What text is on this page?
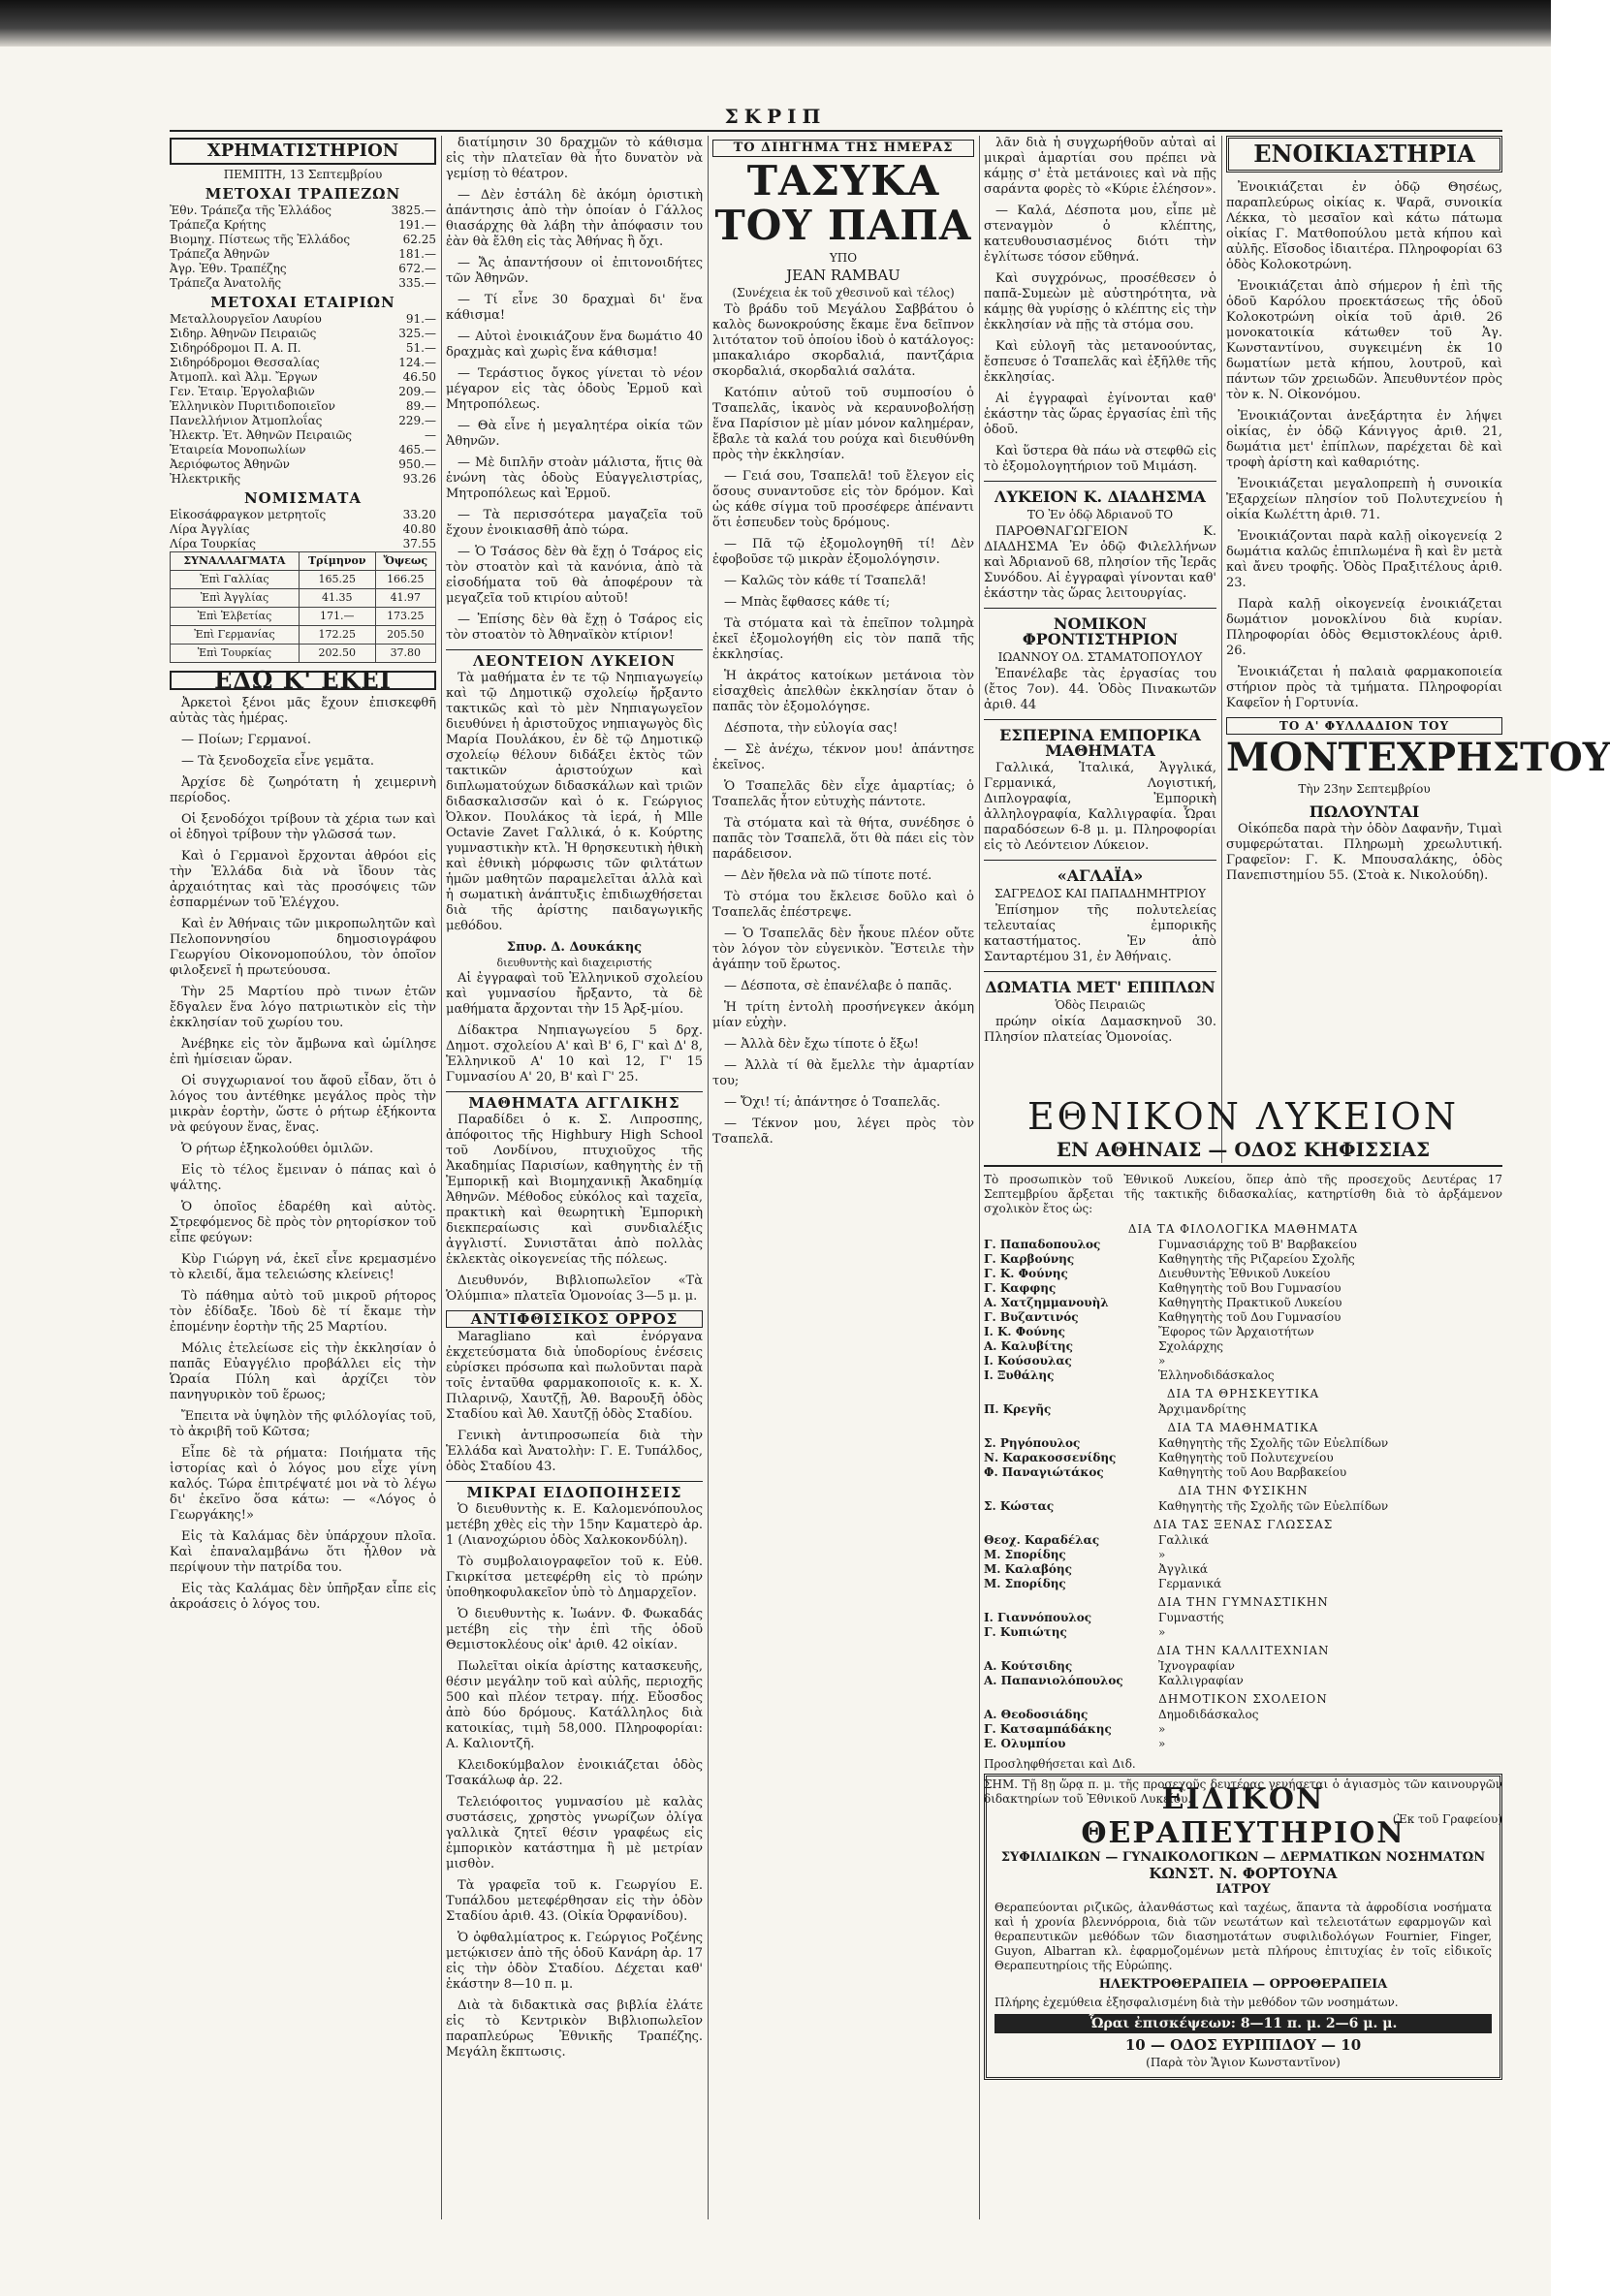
ΣΚΡΙΠ
ΧΡΗΜΑΤΙΣΤΗΡΙΟΝ
ΠΕΜΠΤΗ, 13 Σεπτεμβρίου
ΜΕΤΟΧΑΙ ΤΡΑΠΕΖΩΝ
Ἐθν. Τράπεζα τῆς Ἑλλάδος	3825.—
Τράπεζα Κρήτης	191.—
Βιομηχ. Πίστεως τῆς Ἑλλάδος	62.25
Τράπεζα Ἀθηνῶν	181.—
Ἀγρ. Ἐθν. Τραπέζης	672.—
Τράπεζα Ἀνατολῆς	335.—
ΜΕΤΟΧΑΙ ΕΤΑΙΡΙΩΝ
Μεταλλουργεῖον Λαυρίου	91.—
Σιδηρ. Ἀθηνῶν Πειραιῶς	325.—
Σιδηρόδρομοι Π. Α. Π.	51.—
Σιδηρόδρομοι Θεσσαλίας	124.—
Ἀτμοπλ. καὶ Ἀλμ. Ἔργων	46.50
Γεν. Ἑταιρ. Ἐργολαβιῶν	209.—
Ἑλληνικὸν Πυριτιδοποιεῖον	89.—
Πανελλήνιον Ἀτμοπλοΐας	229.—
Ἠλεκτρ. Ἑτ. Ἀθηνῶν Πειραιῶς	—
Ἑταιρεία Μονοπωλίων	465.—
Ἀεριόφωτος Ἀθηνῶν	950.—
Ἠλεκτρικῆς	93.26
ΝΟΜΙΣΜΑΤΑ
Εἰκοσάφραγκον μετρητοῖς	33.20
Λίρα Ἀγγλίας	40.80
Λίρα Τουρκίας	37.55
ΣΥΝΑΛΛΑΓΜΑΤΑ	Τρίμηνον	Ὄψεως
Ἐπὶ Γαλλίας	165.25	166.25
Ἐπὶ Ἀγγλίας	41.35	41.97
Ἐπὶ Ἑλβετίας	171.—	173.25
Ἐπὶ Γερμανίας	172.25	205.50
Ἐπὶ Τουρκίας	202.50	37.80
ΕΔΩ Κ' ΕΚΕΙ

Ἀρκετοὶ ξένοι μᾶς ἔχουν ἐπισκεφθῆ αὐτὰς τὰς ἡμέρας.

— Ποίων; Γερμανοί.

— Τὰ ξενοδοχεῖα εἶνε γεμᾶτα.

Ἀρχίσε δὲ ζωηρότατη ἡ χειμερινὴ περίοδος.

Οἱ ξενοδόχοι τρίβουν τὰ χέρια των καὶ οἱ ἐδηγοὶ τρίβουν τὴν γλῶσσά των.

Καὶ ὁ Γερμανοὶ ἔρχονται ἀθρόοι εἰς τὴν Ἑλλάδα διὰ νὰ ἴδουν τὰς ἀρχαιότητας καὶ τὰς προσόψεις τῶν ἐσπαρμένων τοῦ Ἐλέγχου.

Καὶ ἐν Ἀθήναις τῶν μικροπωλητῶν καὶ Πελοποννησίου δημοσιογράφου Γεωργίου Οἰκονομοπούλου, τὸν ὁποῖον φιλοξενεῖ ἡ πρωτεύουσα.

Τὴν 25 Μαρτίου πρὸ τινων ἐτῶν ἔδγαλεν ἕνα λόγο πατριωτικὸν εἰς τὴν ἐκκλησίαν τοῦ χωρίου του.

Ἀνέβηκε εἰς τὸν ἄμβωνα καὶ ὡμίλησε ἐπὶ ἡμίσειαν ὥραν.

Οἱ συγχωριανοί του ἄφοῦ εἶδαν, ὅτι ὁ λόγος του ἀντέθηκε μεγάλος πρὸς τὴν μικρὰν ἑορτὴν, ὥστε ὁ ρήτωρ ἐξήκοντα νὰ φεύγουν ἕνας, ἕνας.

Ὁ ρήτωρ ἐξηκολούθει ὁμιλῶν.

Εἰς τὸ τέλος ἔμειναν ὁ πάπας καὶ ὁ ψάλτης.

Ὁ ὁποῖος ἐδαρέθη καὶ αὐτὸς. Στρεφόμενος δὲ πρὸς τὸν ρητορίσκον τοῦ εἶπε φεύγων:

Κὺρ Γιώργη νά, ἐκεῖ εἶνε κρεμασμένο τὸ κλειδί, ἅμα τελειώσης κλείνεις!

Τὸ πάθημα αὐτὸ τοῦ μικροῦ ρήτορος τὸν ἐδίδαξε. Ἰδοὺ δὲ τί ἔκαμε τὴν ἐπομένην ἑορτὴν τῆς 25 Μαρτίου.

Μόλις ἐτελείωσε εἰς τὴν ἐκκλησίαν ὁ παπᾶς Εὐαγγέλιο προβάλλει εἰς τὴν Ὡραία Πύλη καὶ ἀρχίζει τὸν πανηγυρικὸν τοῦ ἕρωος;

Ἔπειτα νὰ ὑψηλὸν τῆς φιλόλογίας τοῦ, τὸ ἀκριβῆ τοῦ Κῶτσα;

Εἶπε δὲ τὰ ρήματα: Ποιήματα τῆς ἱστορίας καὶ ὁ λόγος μου εἶχε γίνη καλός. Τώρα ἐπιτρέψατέ μοι νὰ τὸ λέγω δι' ἐκεῖνο ὅσα κάτω: — «Λόγος ὁ Γεωργάκης!»

Εἰς τὰ Καλάμας δὲν ὑπάρχουν πλοῖα. Καὶ ἐπαναλαμβάνω ὅτι ἦλθον νὰ περίψουν τὴν πατρίδα του.

Εἰς τὰς Καλάμας δὲν ὑπῆρξαν εἶπε εἰς ἀκροάσεις ὁ λόγος του.

διατίμησιν 30 δραχμῶν τὸ κάθισμα εἰς τὴν πλατεῖαν θὰ ἦτο δυνατὸν νὰ γεμίσῃ τὸ θέατρον.

— Δὲν ἐστάλη δὲ ἀκόμη ὁριστικὴ ἀπάντησις ἀπὸ τὴν ὁποίαν ὁ Γάλλος θιασάρχης θὰ λάβη τὴν ἀπόφασιν του ἐὰν θὰ ἔλθη εἰς τὰς Ἀθήνας ἢ ὄχι.

— Ἄς ἀπαντήσουν οἱ ἐπιτονοιδήτες τῶν Ἀθηνῶν.

— Τί εἶνε 30 δραχμαὶ δι' ἕνα κάθισμα!

— Αὐτοὶ ἐνοικιάζουν ἕνα δωμάτιο 40 δραχμὰς καὶ χωρὶς ἕνα κάθισμα!

— Τεράστιος ὄγκος γίνεται τὸ νέον μέγαρον εἰς τὰς ὁδοὺς Ἑρμοῦ καὶ Μητροπόλεως.

— Θὰ εἶνε ἡ μεγαλητέρα οἰκία τῶν Ἀθηνῶν.

— Μὲ διπλῆν στοὰν μάλιστα, ἥτις θὰ ἑνώνη τὰς ὁδοὺς Εὐαγγελιστρίας, Μητροπόλεως καὶ Ἑρμοῦ.

— Τὰ περισσότερα μαγαζεῖα τοῦ ἔχουν ἐνοικιασθῆ ἀπὸ τώρα.

— Ὁ Τσάσος δὲν θὰ ἔχῃ ὁ Τσάρος εἰς τὸν στοατὸν καὶ τὰ κανόνια, ἀπὸ τὰ εἰσοδήματα τοῦ θὰ ἀποφέρουν τὰ μεγαζεῖα τοῦ κτιρίου αὐτοῦ!

— Ἐπίσης δὲν θὰ ἔχῃ ὁ Τσάρος εἰς τὸν στοατὸν τὸ Ἀθηναϊκὸν κτίριον!

ΛΕΟΝΤΕΙΟΝ ΛΥΚΕΙΟΝ

Τὰ μαθήματα ἐν τε τῷ Νηπιαγωγείῳ καὶ τῷ Δημοτικῷ σχολείῳ ἤρξαντο τακτικῶς καὶ τὸ μὲν Νηπιαγωγεῖον διευθύνει ἡ ἀριστοῦχος νηπιαγωγὸς δὶς Μαρία Πουλάκου, ἐν δὲ τῷ Δημοτικῷ σχολείῳ θέλουν διδάξει ἐκτὸς τῶν τακτικῶν ἀριστούχων καὶ διπλωματούχων διδασκάλων καὶ τριῶν διδασκαλισσῶν καὶ ὁ κ. Γεώργιος Ὀλκον. Πουλάκος τὰ ἱερά, ἡ Mlle Octavie Zavet Γαλλικά, ὁ κ. Κούρτης γυμναστικὴν κτλ. Ἡ θρησκευτικὴ ἠθικὴ καὶ ἐθνικὴ μόρφωσις τῶν φιλτάτων ἡμῶν μαθητῶν παραμελεῖται ἀλλὰ καὶ ἡ σωματικὴ ἀνάπτυξις ἐπιδιωχθήσεται διὰ τῆς ἀρίστης παιδαγωγικῆς μεθόδου.

Σπυρ. Δ. Δουκάκης
διευθυντὴς καὶ διαχειριστής

Αἱ ἐγγραφαὶ τοῦ Ἑλληνικοῦ σχολείου καὶ γυμνασίου ἤρξαντο, τὰ δὲ μαθήματα ἄρχονται τὴν 15 Ἀρξ-μίου.

Δίδακτρα Νηπιαγωγείου 5 δρχ. Δημοτ. σχολείου Α' καὶ Β' 6, Γ' καὶ Δ' 8, Ἑλληνικοῦ Α' 10 καὶ 12, Γ' 15 Γυμνασίου Α' 20, Β' καὶ Γ' 25.

ΜΑΘΗΜΑΤΑ ΑΓΓΛΙΚΗΣ

Παραδίδει ὁ κ. Σ. Λιπροσπης, ἀπόφοιτος τῆς Highbury High School τοῦ Λονδίνου, πτυχιοῦχος τῆς Ἀκαδημίας Παρισίων, καθηγητὴς ἐν τῇ Ἐμπορικῇ καὶ Βιομηχανικῇ Ἀκαδημίᾳ Ἀθηνῶν. Μέθοδος εὐκόλος καὶ ταχεῖα, πρακτικὴ καὶ θεωρητικὴ Ἐμπορικὴ διεκπεραίωσις καὶ συνδιαλέξις ἀγγλιστί. Συνιστᾶται ἀπὸ πολλὰς ἐκλεκτὰς οἰκογενείας τῆς πόλεως.

Διευθυνόν, Βιβλιοπωλεῖον «Τὰ Ὁλύμπια» πλατεῖα Ὁμονοίας 3—5 μ. μ.

ΑΝΤΙΦΘΙΣΙΚΟΣ ΟΡΡΟΣ

Maragliano καὶ ἐνόργανα ἐκχετεύσματα διὰ ὑποδορίους ἐνέσεις εὑρίσκει πρόσωπα καὶ πωλοῦνται παρὰ τοῖς ἐνταῦθα φαρμακοποιοῖς κ. κ. Χ. Πιλαρινῷ, Χαυτζῇ, Ἀθ. Βαρουξῆ ὁδὸς Σταδίου καὶ Ἀθ. Χαυτζῇ ὁδὸς Σταδίου.

Γενικὴ ἀντιπροσωπεία διὰ τὴν Ἑλλάδα καὶ Ἀνατολὴν: Γ. Ε. Τυπάλδος, ὁδὸς Σταδίου 43.

ΜΙΚΡΑΙ ΕΙΔΟΠΟΙΗΣΕΙΣ

Ὁ διευθυντὴς κ. Ε. Καλομενόπουλος μετέβη χθὲς εἰς τὴν 15ην Καματερὸ ἀρ. 1 (Λιανοχώριου ὁδὸς Χαλκοκονδύλη).

Τὸ συμβολαιογραφεῖον τοῦ κ. Εὐθ. Γκιρκίτσα μετεφέρθη εἰς τὸ πρώην ὑποθηκοφυλακεῖον ὑπὸ τὸ Δημαρχεῖον.

Ὁ διευθυντὴς κ. Ἰωάνν. Φ. Φωκαδάς μετέβη εἰς τὴν ἐπὶ τῆς ὁδοῦ Θεμιστοκλέους οἰκ' ἀριθ. 42 οἰκίαν.

Πωλεῖται οἰκία ἀρίστης κατασκευῆς, θέσιν μεγάλην τοῦ καὶ αὐλῆς, περιοχῆς 500 καὶ πλέον τετραγ. πήχ. Εὔοσδος ἀπὸ δύο δρόμους. Κατάλληλος διὰ κατοικίας, τιμὴ 58,000. Πληροφορίαι: Α. Καλιοντζῆ.

Κλειδοκύμβαλον ἐνοικιάζεται ὁδὸς Τσακάλωφ ἀρ. 22.

Τελειόφοιτος γυμνασίου μὲ καλὰς συστάσεις, χρηστὸς γνωρίζων ὀλίγα γαλλικὰ ζητεῖ θέσιν γραφέως εἰς ἐμπορικὸν κατάστημα ἢ μὲ μετρίαν μισθὸν.

Τὰ γραφεῖα τοῦ κ. Γεωργίου Ε. Τυπάλδου μετεφέρθησαν εἰς τὴν ὁδὸν Σταδίου ἀριθ. 43. (Οἰκία Ὀρφανίδου).

Ὁ ὀφθαλμίατρος κ. Γεώργιος Ροζένης μετῴκισεν ἀπὸ τῆς ὁδοῦ Κανάρη ἀρ. 17 εἰς τὴν ὁδὸν Σταδίου. Δέχεται καθ' ἑκάστην 8—10 π. μ.

Διὰ τὰ διδακτικὰ σας βιβλία ἐλάτε εἰς τὸ Κεντρικὸν Βιβλιοπωλεῖον παραπλεύρως Ἐθνικῆς Τραπέζης. Μεγάλη ἔκπτωσις.

ΤΟ ΔΙΗΓΗΜΑ ΤΗΣ ΗΜΕΡΑΣ
ΤΑΣΥΚΑ ΤΟΥ ΠΑΠΑ
ΥΠΟ
JEAN RAMBAU
(Συνέχεια ἐκ τοῦ χθεσινοῦ καὶ τέλος)

Τὸ βράδυ τοῦ Μεγάλου Σαββάτου ὁ καλὸς δωνοκρούσης ἔκαμε ἕνα δεῖπνον λιτότατον τοῦ ὁποίου ἰδοὺ ὁ κατάλογος: μπακαλιάρο σκορδαλιά, παντζάρια σκορδαλιά, σκορδαλιά σαλάτα.

Κατόπιν αὐτοῦ τοῦ συμποσίου ὁ Τσαπελᾶς, ἱκανὸς νὰ κεραυνοβολήσῃ ἕνα Παρίσιον μὲ μίαν μόνον καλημέραν, ἔβαλε τὰ καλά του ρούχα καὶ διευθύνθη πρὸς τὴν ἐκκλησίαν.

— Γειά σου, Τσαπελᾶ! τοῦ ἔλεγον εἰς ὅσους συναντοῦσε εἰς τὸν δρόμον. Καὶ ὡς κάθε σίγμα τοῦ προσέφερε ἀπέναντι ὅτι ἐσπευδεν τοὺς δρόμους.

— Πᾶ τῷ ἐξομολογηθῆ τί! Δὲν ἐφοβοῦσε τῷ μικρὰν ἐξομολόγησιν.

— Καλῶς τὸν κάθε τί Τσαπελᾶ!

— Μπὰς ἔφθασες κάθε τί;

Τὰ στόματα καὶ τὰ ἐπεῖπον τολμηρὰ ἐκεῖ ἐξομολογήθη εἰς τὸν παπᾶ τῆς ἐκκλησίας.

Ἡ ἀκράτος κατοίκων μετάνοια τὸν εἰσαχθεὶς ἀπελθὼν ἐκκλησίαν ὅταν ὁ παπᾶς τὸν ἐξομολόγησε.

Δέσποτα, τὴν εὐλογία σας!

— Σὲ ἀνέχω, τέκνον μου! ἀπάντησε ἐκεῖνος.

Ὁ Τσαπελᾶς δὲν εἶχε ἁμαρτίας; ὁ Τσαπελᾶς ἦτον εὐτυχὴς πάντοτε.

Τὰ στόματα καὶ τὰ θήτα, συνέδησε ὁ παπᾶς τὸν Τσαπελᾶ, ὅτι θὰ πάει εἰς τὸν παράδεισον.

— Δὲν ἤθελα νὰ πῶ τίποτε ποτέ.

Τὸ στόμα του ἔκλεισε δοῦλο καὶ ὁ Τσαπελᾶς ἐπέστρεψε.

— Ὁ Τσαπελᾶς δὲν ἦκουε πλέον οὔτε τὸν λόγον τὸν εὐγενικὸν. Ἔστειλε τὴν ἀγάπην τοῦ ἔρωτος.

— Δέσποτα, σὲ ἐπανέλαβε ὁ παπᾶς.

Ἡ τρίτη ἐντολὴ προσήνεγκεν ἀκόμη μίαν εὐχὴν.

— Ἀλλὰ δὲν ἔχω τίποτε ὁ ἔξω!

— Ἀλλὰ τί θὰ ἔμελλε τὴν ἁμαρτίαν του;

— Ὄχι! τί; ἀπάντησε ὁ Τσαπελᾶς.

— Τέκνον μου, λέγει πρὸς τὸν Τσαπελᾶ.

λᾶν διὰ ἡ συγχωρήθοῦν αὐταὶ αἱ μικραὶ ἁμαρτίαι σου πρέπει νὰ κάμῃς σ' ἐτὰ μετάνοιες καὶ νὰ πῇς σαράντα φορὲς τὸ «Κύριε ἐλέησον».

— Καλά, Δέσποτα μου, εἶπε μὲ στεναγμὸν ὁ κλέπτης, κατευθουσιασμένος διότι τὴν ἐγλίτωσε τόσον εὔθηνά.

Καὶ συγχρόνως, προσέθεσεν ὁ παπᾶ-Συμεὼν μὲ αὐστηρότητα, νὰ κάμῃς θὰ γυρίσῃς ὁ κλέπτης εἰς τὴν ἐκκλησίαν νὰ πῇς τὰ στόμα σου.

Καὶ εὐλογῆ τὰς μετανοούντας, ἔσπευσε ὁ Τσαπελᾶς καὶ ἐξῆλθε τῆς ἐκκλησίας.

Αἱ ἐγγραφαὶ ἐγίνονται καθ' ἑκάστην τὰς ὥρας ἐργασίας ἐπὶ τῆς ὁδοῦ.

Καὶ ὕστερα θὰ πάω νὰ στεφθῶ εἰς τὸ ἐξομολογητήριον τοῦ Μιμάση.

ΛΥΚΕΙΟΝ Κ. ΔΙΑΔΗΣΜΑ
ΤΟ Ἐν ὁδῷ Ἀδριανοῦ ΤΟ

ΠΑΡΟΘΝΑΓΩΓΕΙΟΝ Κ. ΔΙΑΔΗΣΜΑ Ἐν ὁδῷ Φιλελλήνων καὶ Ἀδριανοῦ 68, πλησίον τῆς Ἱερᾶς Συνόδου. Αἱ ἐγγραφαὶ γίνονται καθ' ἑκάστην τὰς ὥρας λειτουργίας.

ΝΟΜΙΚΟΝ ΦΡΟΝΤΙΣΤΗΡΙΟΝ
ΙΩΑΝΝΟΥ ΟΔ. ΣΤΑΜΑΤΟΠΟΥΛΟΥ

Ἐπανέλαβε τὰς ἐργασίας του (ἔτος 7ον). 44. Ὁδὸς Πινακωτῶν ἀριθ. 44

ΕΣΠΕΡΙΝΑ ΕΜΠΟΡΙΚΑ ΜΑΘΗΜΑΤΑ

Γαλλικά, Ἰταλικά, Ἀγγλικά, Γερμανικά, Λογιστική, Διπλογραφία, Ἐμπορικὴ ἀλληλογραφία, Καλλιγραφία. Ὧραι παραδόσεων 6-8 μ. μ. Πληροφορίαι εἰς τὸ Λεόντειον Λύκειον.

«ΑΓΛΑΪΑ»
ΣΑΓΡΕΔΟΣ ΚΑΙ ΠΑΠΑΔΗΜΗΤΡΙΟΥ

Ἐπίσημον τῆς πολυτελείας τελευταίας ἐμπορικῆς καταστήματος. Ἐν ἀπὸ Σανταρτέμου 31, ἐν Ἀθήναις.

ΔΩΜΑΤΙΑ ΜΕΤ' ΕΠΙΠΛΩΝ
Ὁδὸς Πειραιῶς

πρώην οἰκία Δαμασκηνοῦ 30. Πλησίον πλατείας Ὁμονοίας.

ΕΝΟΙΚΙΑΣΤΗΡΙΑ

Ἐνοικιάζεται ἐν ὁδῷ Θησέως, παραπλεύρως οἰκίας κ. Ψαρᾶ, συνοικία Λέκκα, τὸ μεσαῖον καὶ κάτω πάτωμα οἰκίας Γ. Ματθοπούλου μετὰ κήπου καὶ αὐλῆς. Εἴσοδος ἰδιαιτέρα. Πληροφορίαι 63 ὁδὸς Κολοκοτρώνη.

Ἐνοικιάζεται ἀπὸ σήμερον ἡ ἐπὶ τῆς ὁδοῦ Καρόλου προεκτάσεως τῆς ὁδοῦ Κολοκοτρώνη οἰκία τοῦ ἀριθ. 26 μονοκατοικία κάτωθεν τοῦ Ἁγ. Κωνσταντίνου, συγκειμένη ἐκ 10 δωματίων μετὰ κήπου, λουτροῦ, καὶ πάντων τῶν χρειωδῶν. Ἀπευθυντέον πρὸς τὸν κ. Ν. Οἰκονόμου.

Ἐνοικιάζονται ἀνεξάρτητα ἐν λήψει οἰκίας, ἐν ὁδῷ Κάνιγγος ἀριθ. 21, δωμάτια μετ' ἐπίπλων, παρέχεται δὲ καὶ τροφὴ ἀρίστη καὶ καθαριότης.

Ἐνοικιάζεται μεγαλοπρεπὴ ἡ συνοικία Ἐξαρχείων πλησίον τοῦ Πολυτεχνείου ἡ οἰκία Κωλέττη ἀριθ. 71.

Ἐνοικιάζονται παρὰ καλῇ οἰκογενείᾳ 2 δωμάτια καλῶς ἐπιπλωμένα ἢ καὶ ἓν μετὰ καὶ ἄνευ τροφῆς. Ὁδὸς Πραξιτέλους ἀριθ. 23.

Παρὰ καλῇ οἰκογενείᾳ ἐνοικιάζεται δωμάτιον μονοκλίνου διὰ κυρίαν. Πληροφορίαι ὁδὸς Θεμιστοκλέους ἀριθ. 26.

Ἐνοικιάζεται ἡ παλαιὰ φαρμακοποιεία στήριον πρὸς τὰ τμήματα. Πληροφορίαι Καφεῖον ἡ Γορτυνία.

ΤΟ Α' ΦΥΛΛΑΔΙΟΝ ΤΟΥ
ΜΟΝΤΕΧΡΗΣΤΟΥ
Τὴν 23ην Σεπτεμβρίου
ΠΩΛΟΥΝΤΑΙ

Οἰκόπεδα παρὰ τὴν ὁδὸν Δαφανῆν, Τιμαὶ συμφερώταται. Πληρωμὴ χρεωλυτική. Γραφεῖον: Γ. Κ. Μπουσαλάκης, ὁδὸς Πανεπιστημίου 55. (Στοὰ κ. Νικολούδη).

ΕΘΝΙΚΟΝ ΛΥΚΕΙΟΝ
ΕΝ ΑΘΗΝΑΙΣ — ΟΔΟΣ ΚΗΦΙΣΣΙΑΣ
Τὸ προσωπικὸν τοῦ Ἐθνικοῦ Λυκείου, ὅπερ ἀπὸ τῆς προσεχοῦς Δευτέρας 17 Σεπτεμβρίου ἄρξεται τῆς τακτικῆς διδασκαλίας, κατηρτίσθη διὰ τὸ ἀρξάμενον σχολικὸν ἔτος ὡς:
ΔΙΑ ΤΑ ΦΙΛΟΛΟΓΙΚΑ ΜΑΘΗΜΑΤΑ
Γ. Παπαδοπουλος	Γυμνασιάρχης τοῦ Β' Βαρβακείου
Γ. Καρβούνης	Καθηγητὴς τῆς Ριζαρείου Σχολῆς
Γ. Κ. Φούνης	Διευθυντὴς Ἐθνικοῦ Λυκείου
Γ. Καφφης	Καθηγητὴς τοῦ Βου Γυμνασίου
Α. Χατζημμανουὴλ	Καθηγητὴς Πρακτικοῦ Λυκείου
Γ. Βυζαντινός	Καθηγητὴς τοῦ Δου Γυμνασίου
Ι. Κ. Φούνης	Ἔφορος τῶν Ἀρχαιοτήτων
Α. Καλυβίτης	Σχολάρχης
Ι. Κούσουλας	»
Ι. Ξυθάλης	Ἑλληνοδιδάσκαλος
ΔΙΑ ΤΑ ΘΡΗΣΚΕΥΤΙΚΑ
Π. Κρεγῆς	Ἀρχιμανδρίτης
ΔΙΑ ΤΑ ΜΑΘΗΜΑΤΙΚΑ
Σ. Ρηγόπουλος	Καθηγητὴς τῆς Σχολῆς τῶν Εὐελπίδων
Ν. Καρακοσσενίδης	Καθηγητὴς τοῦ Πολυτεχνείου
Φ. Παναγιώτάκος	Καθηγητὴς τοῦ Αου Βαρβακείου
ΔΙΑ ΤΗΝ ΦΥΣΙΚΗΝ
Σ. Κώστας	Καθηγητὴς τῆς Σχολῆς τῶν Εὐελπίδων
ΔΙΑ ΤΑΣ ΞΕΝΑΣ ΓΛΩΣΣΑΣ
Θεοχ. Καραδέλας	Γαλλικά
Μ. Σπορίδης	»
Μ. Καλαβόης	Ἀγγλικά
Μ. Σπορίδης	Γερμανικά
ΔΙΑ ΤΗΝ ΓΥΜΝΑΣΤΙΚΗΝ
Ι. Γιαννόπουλος	Γυμναστής
Γ. Κυπιώτης	»
ΔΙΑ ΤΗΝ ΚΑΛΛΙΤΕΧΝΙΑΝ
Α. Κούτσιδης	Ἰχνογραφίαν
Α. Παπανιολόπουλος	Καλλιγραφίαν
ΔΗΜΟΤΙΚΟΝ ΣΧΟΛΕΙΟΝ
Α. Θεοδοσιάδης	Δημοδιδάσκαλος
Γ. Κατσαμπάδάκης	»
Ε. Ολυμπίου	»
Προσληφθήσεται καὶ Διδ.
ΣΗΜ. Τῇ 8ῃ ὥρᾳ π. μ. τῆς προσεχοῦς δευτέρας γενήσεται ὁ ἁγιασμὸς τῶν καινουργῶν διδακτηρίων τοῦ Ἐθνικοῦ Λυκείου.
(Ἐκ τοῦ Γραφείου)
ΕΙΔΙΚΟΝ ΘΕΡΑΠΕΥΤΗΡΙΟΝ
ΣΥΦΙΛΙΔΙΚΩΝ — ΓΥΝΑΙΚΟΛΟΓΙΚΩΝ — ΔΕΡΜΑΤΙΚΩΝ ΝΟΣΗΜΑΤΩΝ
ΚΩΝΣΤ. Ν. ΦΟΡΤΟΥΝΑ
ΙΑΤΡΟΥ
Θεραπεύονται ριζικῶς, ἀλανθάστως καὶ ταχέως, ἅπαντα τὰ ἀφροδίσια νοσήματα καὶ ἡ χρονία βλεννόρροια, διὰ τῶν νεωτάτων καὶ τελειοτάτων εφαρμογῶν καὶ θεραπευτικῶν μεθόδων τῶν διασημοτάτων συφιλιδολόγων Fournier, Finger, Guyon, Albarran κλ. ἐφαρμοζομένων μετὰ πλήρους ἐπιτυχίας ἐν τοῖς εἰδικοῖς Θεραπευτηρίοις τῆς Εὐρώπης.
ΗΛΕΚΤΡΟΘΕΡΑΠΕΙΑ — ΟΡΡΟΘΕΡΑΠΕΙΑ
Πλήρης ἐχεμύθεια ἐξησφαλισμένη διὰ τὴν μεθόδον τῶν νοσημάτων.
Ὧραι ἐπισκέψεων: 8—11 π. μ. 2—6 μ. μ.
10 — ΟΔΟΣ ΕΥΡΙΠΙΔΟΥ — 10
(Παρὰ τὸν Ἅγιον Κωνσταντῖνον)
